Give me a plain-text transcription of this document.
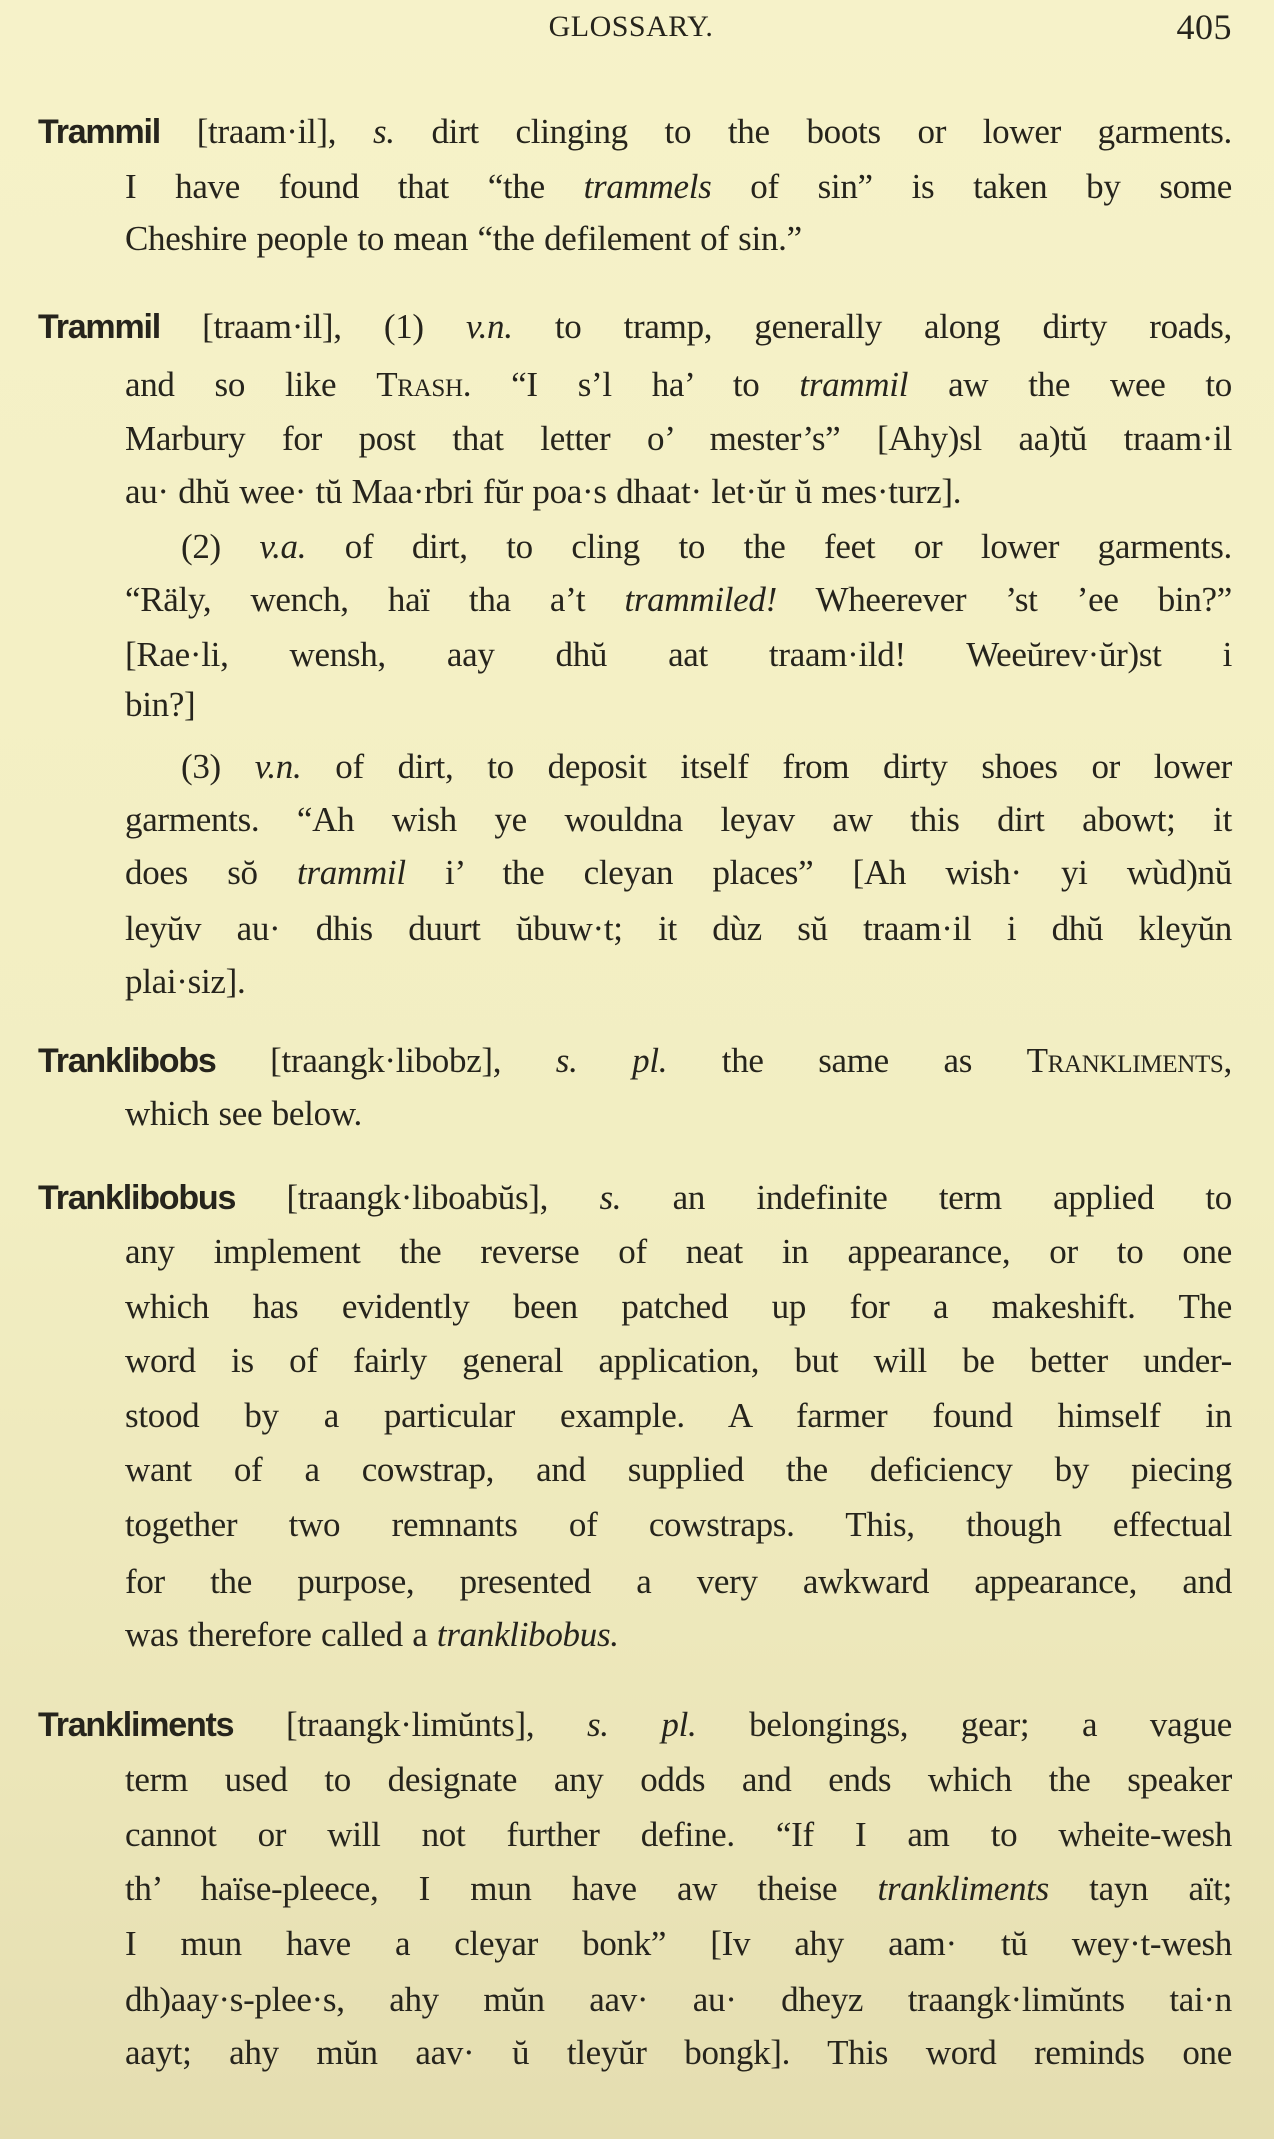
GLOSSARY.	405
Trammil [traam·il], s. dirt clinging to the boots or lower garments.
I have found that “the trammels of sin” is taken by some
Cheshire people to mean “the defilement of sin.”
Trammil [traam·il], (1) v.n. to tramp, generally along dirty roads,
and so like Trash. “I s’l ha’ to trammil aw the wee to
Marbury for post that letter o’ mester’s” [Ahy)sl aa)tŭ traam·il
au· dhŭ wee· tŭ Maa·rbri fŭr poa·s dhaat· let·ŭr ŭ mes·turz].
(2) v.a. of dirt, to cling to the feet or lower garments.
“Räly, wench, haï tha a’t trammiled! Wheerever ’st ’ee bin?”
[Rae·li, wensh, aay dhŭ aat traam·ild! Weeŭrev·ŭr)st i
bin?]
(3) v.n. of dirt, to deposit itself from dirty shoes or lower
garments. “Ah wish ye wouldna leyav aw this dirt abowt; it
does sŏ trammil i’ the cleyan places” [Ah wish· yi wùd)nŭ
leyŭv au· dhis duurt ŭbuw·t; it dùz sŭ traam·il i dhŭ kleyŭn
plai·siz].
Tranklibobs [traangk·libobz], s. pl. the same as Trankliments,
which see below.
Tranklibobus [traangk·liboabŭs], s. an indefinite term applied to
any implement the reverse of neat in appearance, or to one
which has evidently been patched up for a makeshift. The
word is of fairly general application, but will be better under-
stood by a particular example. A farmer found himself in
want of a cowstrap, and supplied the deficiency by piecing
together two remnants of cowstraps. This, though effectual
for the purpose, presented a very awkward appearance, and
was therefore called a tranklibobus.
Trankliments [traangk·limŭnts], s. pl. belongings, gear; a vague
term used to designate any odds and ends which the speaker
cannot or will not further define. “If I am to wheite-wesh
th’ haïse-pleece, I mun have aw theise trankliments tayn aït;
I mun have a cleyar bonk” [Iv ahy aam· tŭ wey·t-wesh
dh)aay·s-plee·s, ahy mŭn aav· au· dheyz traangk·limŭnts tai·n
aayt; ahy mŭn aav· ŭ tleyŭr bongk]. This word reminds one
